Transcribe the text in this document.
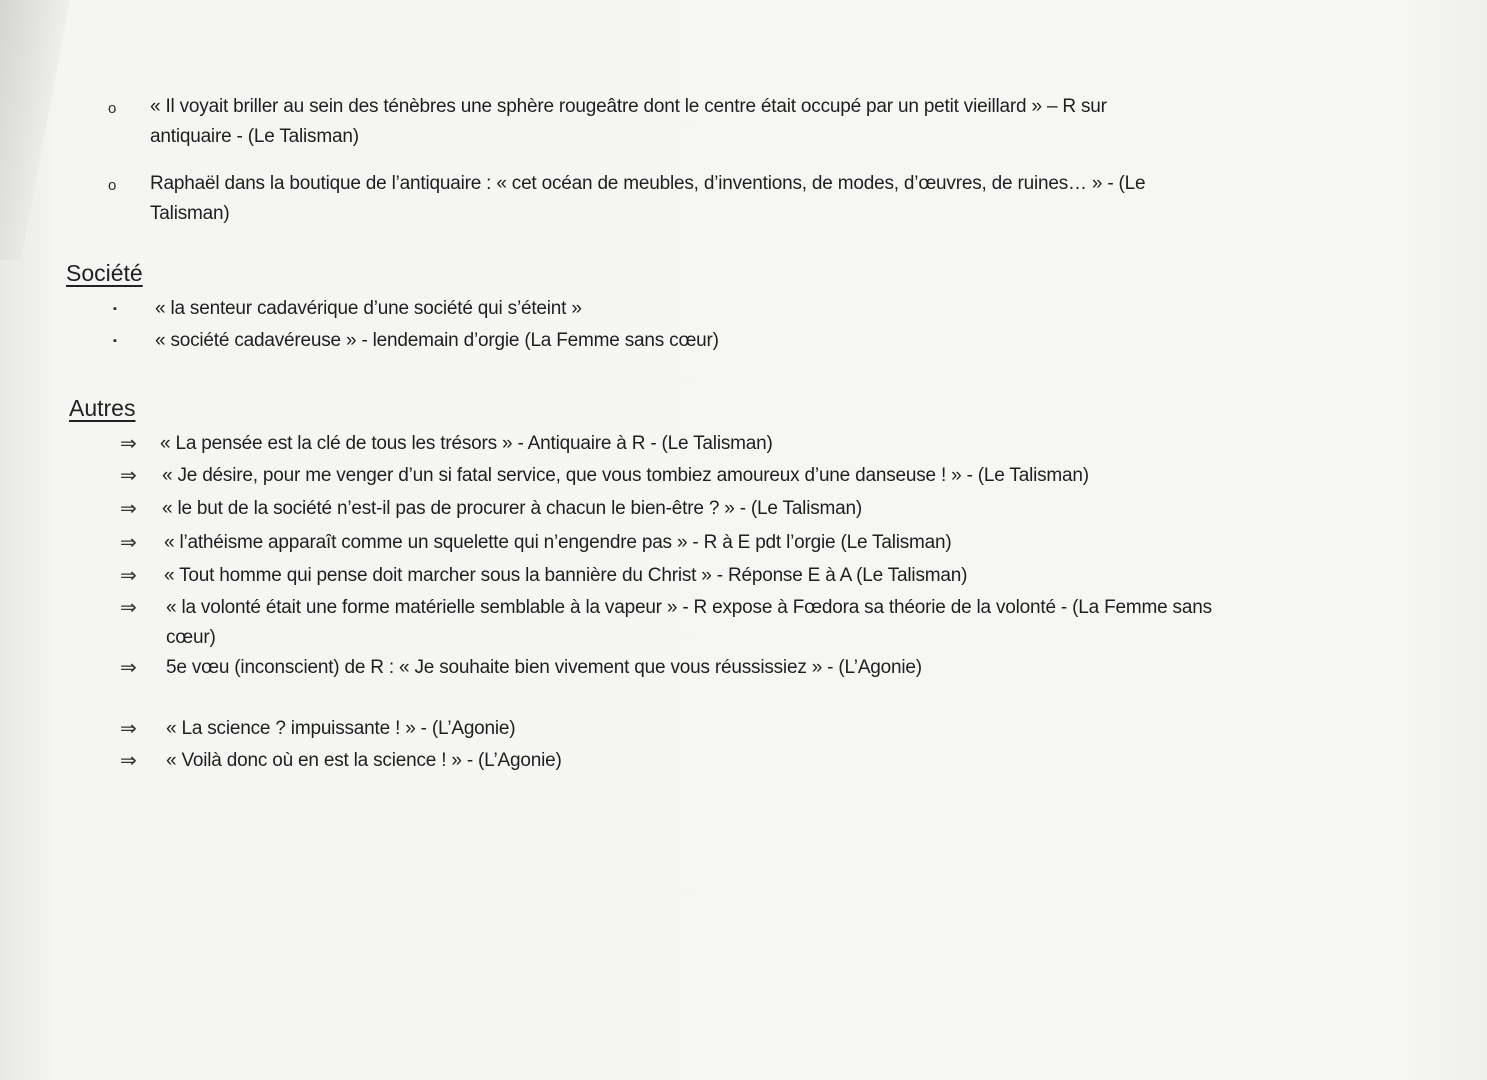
o « Il voyait briller au sein des ténèbres une sphère rougeâtre dont le centre était occupé par un petit vieillard » – R sur
antiquaire - (Le Talisman)
o Raphaël dans la boutique de l’antiquaire : « cet océan de meubles, d’inventions, de modes, d’œuvres, de ruines… » - (Le
Talisman)
Société
▪ « la senteur cadavérique d’une société qui s’éteint »
▪ « société cadavéreuse » - lendemain d’orgie (La Femme sans cœur)
Autres
⇒ « La pensée est la clé de tous les trésors » - Antiquaire à R - (Le Talisman)
⇒ « Je désire, pour me venger d’un si fatal service, que vous tombiez amoureux d’une danseuse ! » - (Le Talisman)
⇒ « le but de la société n’est-il pas de procurer à chacun le bien-être ? » - (Le Talisman)
⇒ « l’athéisme apparaît comme un squelette qui n’engendre pas » - R à E pdt l’orgie (Le Talisman)
⇒ « Tout homme qui pense doit marcher sous la bannière du Christ » - Réponse E à A (Le Talisman)
⇒ « la volonté était une forme matérielle semblable à la vapeur » - R expose à Fœdora sa théorie de la volonté - (La Femme sans
cœur)
⇒ 5e vœu (inconscient) de R : « Je souhaite bien vivement que vous réussissiez » - (L’Agonie)
⇒ « La science ? impuissante ! » - (L’Agonie)
⇒ « Voilà donc où en est la science ! » - (L’Agonie)
